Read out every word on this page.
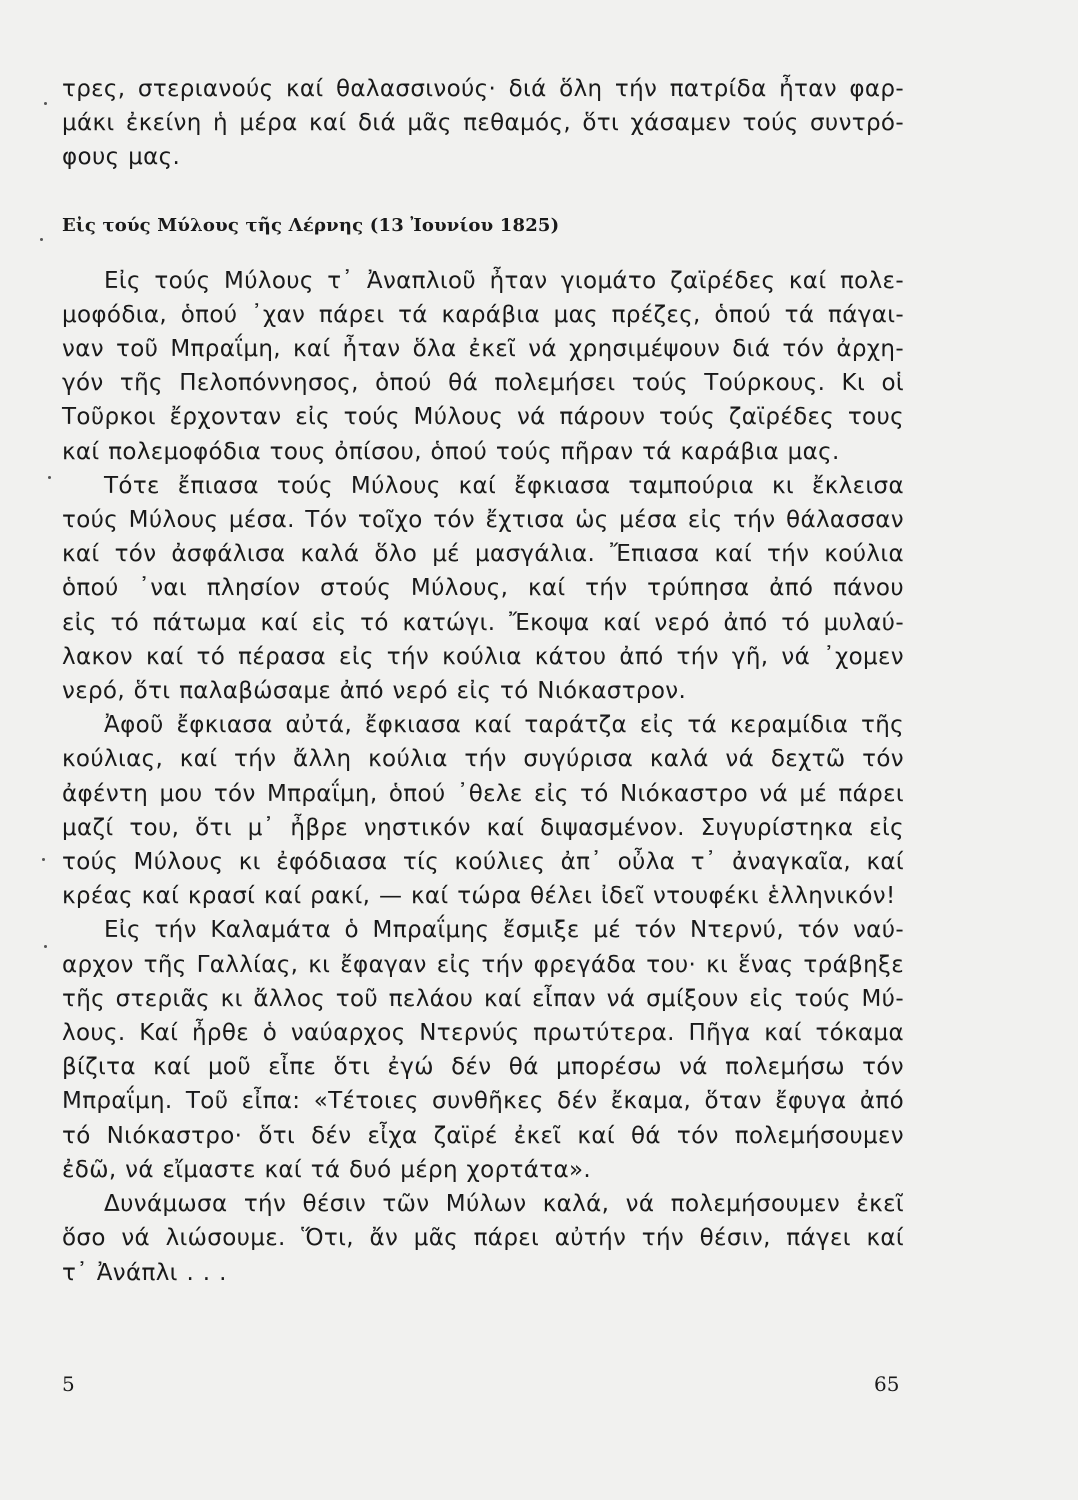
τρες, στεριανούς καί θαλασσινούς· διά ὅλη τήν πατρίδα ἦταν φαρ-
μάκι ἐκείνη ἡ μέρα καί διά μᾶς πεθαμός, ὅτι χάσαμεν τούς συντρό-
φους μας.

Εἰς τούς Μύλους τῆς Λέρνης (13 Ἰουνίου 1825)

Εἰς τούς Μύλους τ᾽ Ἀναπλιοῦ ἦταν γιομάτο ζαϊρέδες καί πολε-
μοφόδια, ὁπού ᾽χαν πάρει τά καράβια μας πρέζες, ὁπού τά πάγαι-
ναν τοῦ Μπραΐμη, καί ἦταν ὅλα ἐκεῖ νά χρησιμέψουν διά τόν ἀρχη-
γόν τῆς Πελοπόννησος, ὁπού θά πολεμήσει τούς Τούρκους. Κι οἱ
Τοῦρκοι ἔρχονταν εἰς τούς Μύλους νά πάρουν τούς ζαϊρέδες τους
καί πολεμοφόδια τους ὀπίσου, ὁπού τούς πῆραν τά καράβια μας.

Τότε ἔπιασα τούς Μύλους καί ἔφκιασα ταμπούρια κι ἔκλεισα
τούς Μύλους μέσα. Τόν τοῖχο τόν ἔχτισα ὡς μέσα εἰς τήν θάλασσαν
καί τόν ἀσφάλισα καλά ὅλο μέ μασγάλια. Ἔπιασα καί τήν κούλια
ὁπού ᾽ναι πλησίον στούς Μύλους, καί τήν τρύπησα ἀπό πάνου
εἰς τό πάτωμα καί εἰς τό κατώγι. Ἔκοψα καί νερό ἀπό τό μυλαύ-
λακον καί τό πέρασα εἰς τήν κούλια κάτου ἀπό τήν γῆ, νά ᾽χομεν
νερό, ὅτι παλαβώσαμε ἀπό νερό εἰς τό Νιόκαστρον.

Ἀφοῦ ἔφκιασα αὐτά, ἔφκιασα καί ταράτζα εἰς τά κεραμίδια τῆς
κούλιας, καί τήν ἄλλη κούλια τήν συγύρισα καλά νά δεχτῶ τόν
ἀφέντη μου τόν Μπραΐμη, ὁπού ᾽θελε εἰς τό Νιόκαστρο νά μέ πάρει
μαζί του, ὅτι μ᾽ ἦβρε νηστικόν καί διψασμένον. Συγυρίστηκα εἰς
τούς Μύλους κι ἐφόδιασα τίς κούλιες ἀπ᾽ οὖλα τ᾽ ἀναγκαῖα, καί
κρέας καί κρασί καί ρακί, — καί τώρα θέλει ἰδεῖ ντουφέκι ἑλληνικόν!

Εἰς τήν Καλαμάτα ὁ Μπραΐμης ἔσμιξε μέ τόν Ντερνύ, τόν ναύ-
αρχον τῆς Γαλλίας, κι ἔφαγαν εἰς τήν φρεγάδα του· κι ἕνας τράβηξε
τῆς στεριᾶς κι ἄλλος τοῦ πελάου καί εἶπαν νά σμίξουν εἰς τούς Μύ-
λους. Καί ἦρθε ὁ ναύαρχος Ντερνύς πρωτύτερα. Πῆγα καί τόκαμα
βίζιτα καί μοῦ εἶπε ὅτι ἐγώ δέν θά μπορέσω νά πολεμήσω τόν
Μπραΐμη. Τοῦ εἶπα: «Τέτοιες συνθῆκες δέν ἔκαμα, ὅταν ἔφυγα ἀπό
τό Νιόκαστρο· ὅτι δέν εἶχα ζαϊρέ ἐκεῖ καί θά τόν πολεμήσουμεν
ἐδῶ, νά εἴμαστε καί τά δυό μέρη χορτάτα».

Δυνάμωσα τήν θέσιν τῶν Μύλων καλά, νά πολεμήσουμεν ἐκεῖ
ὅσο νά λιώσουμε. Ὅτι, ἄν μᾶς πάρει αὐτήν τήν θέσιν, πάγει καί
τ᾽ Ἀνάπλι . . .

5	65
